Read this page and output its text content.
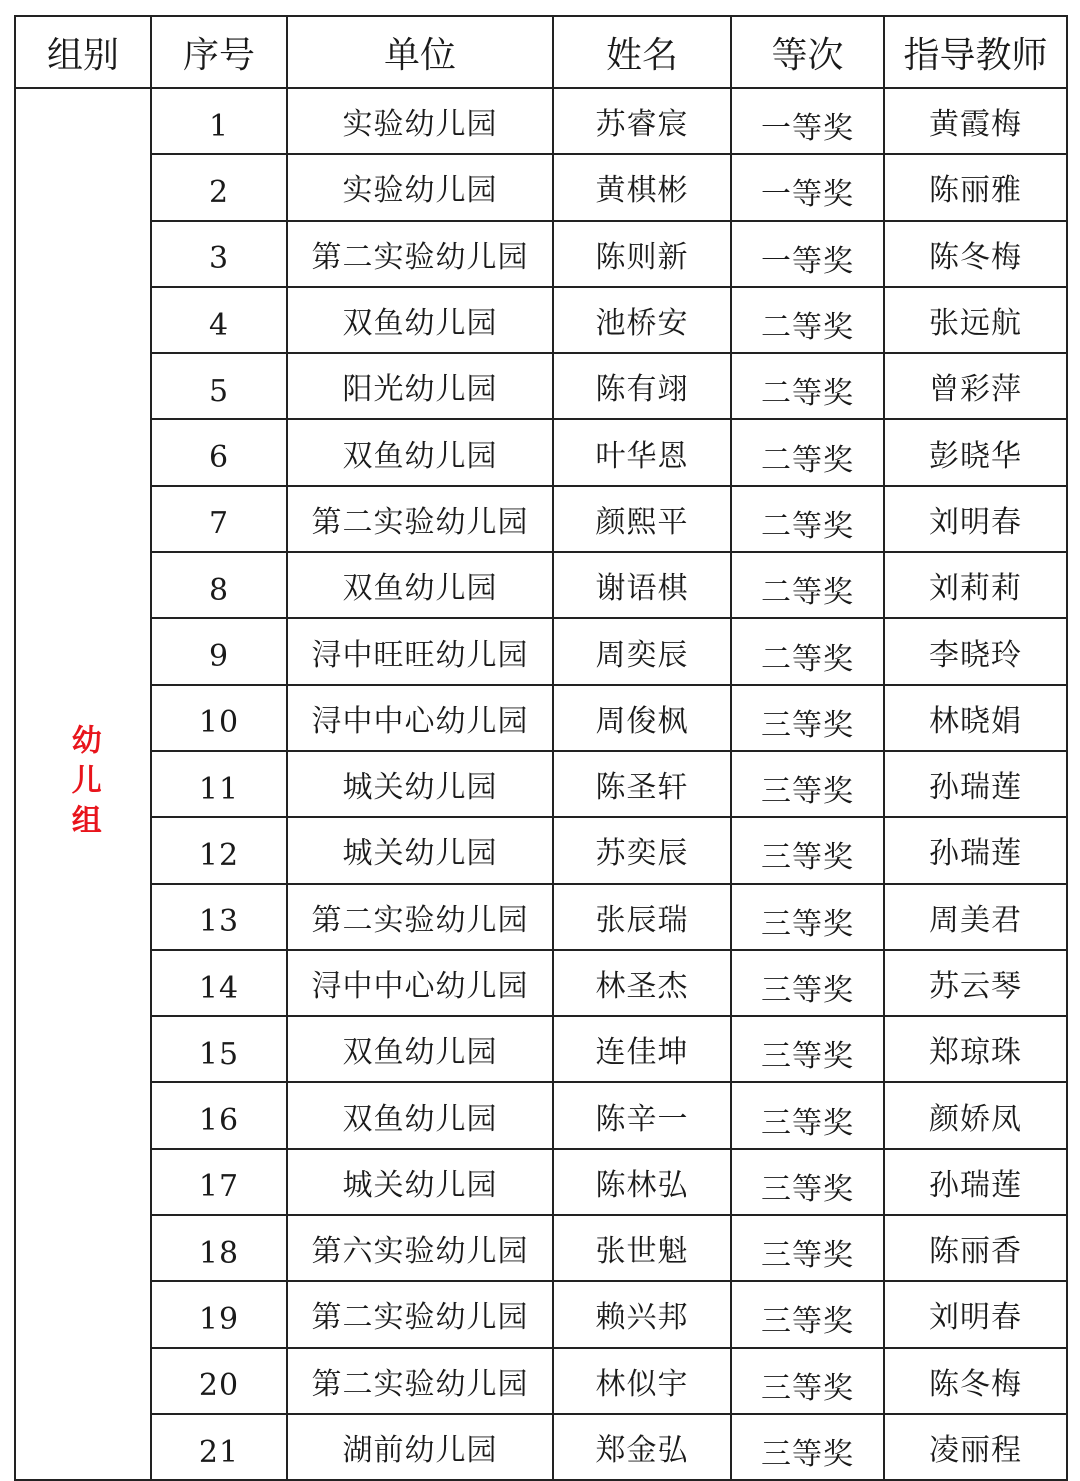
组别	序号	单位	姓名	等次	指导教师

幼儿组	1	实验幼儿园	苏睿宸	一等奖	黄霞梅
	2	实验幼儿园	黄棋彬	一等奖	陈丽雅
	3	第二实验幼儿园	陈则新	一等奖	陈冬梅
	4	双鱼幼儿园	池桥安	二等奖	张远航
	5	阳光幼儿园	陈有翊	二等奖	曾彩萍
	6	双鱼幼儿园	叶华恩	二等奖	彭晓华
	7	第二实验幼儿园	颜熙平	二等奖	刘明春
	8	双鱼幼儿园	谢语棋	二等奖	刘莉莉
	9	浔中旺旺幼儿园	周奕辰	二等奖	李晓玲
	10	浔中中心幼儿园	周俊枫	三等奖	林晓娟
	11	城关幼儿园	陈圣轩	三等奖	孙瑞莲
	12	城关幼儿园	苏奕辰	三等奖	孙瑞莲
	13	第二实验幼儿园	张辰瑞	三等奖	周美君
	14	浔中中心幼儿园	林圣杰	三等奖	苏云琴
	15	双鱼幼儿园	连佳坤	三等奖	郑琼珠
	16	双鱼幼儿园	陈辛一	三等奖	颜娇凤
	17	城关幼儿园	陈林弘	三等奖	孙瑞莲
	18	第六实验幼儿园	张世魁	三等奖	陈丽香
	19	第二实验幼儿园	赖兴邦	三等奖	刘明春
	20	第二实验幼儿园	林似宇	三等奖	陈冬梅
	21	湖前幼儿园	郑金弘	三等奖	凌丽程
